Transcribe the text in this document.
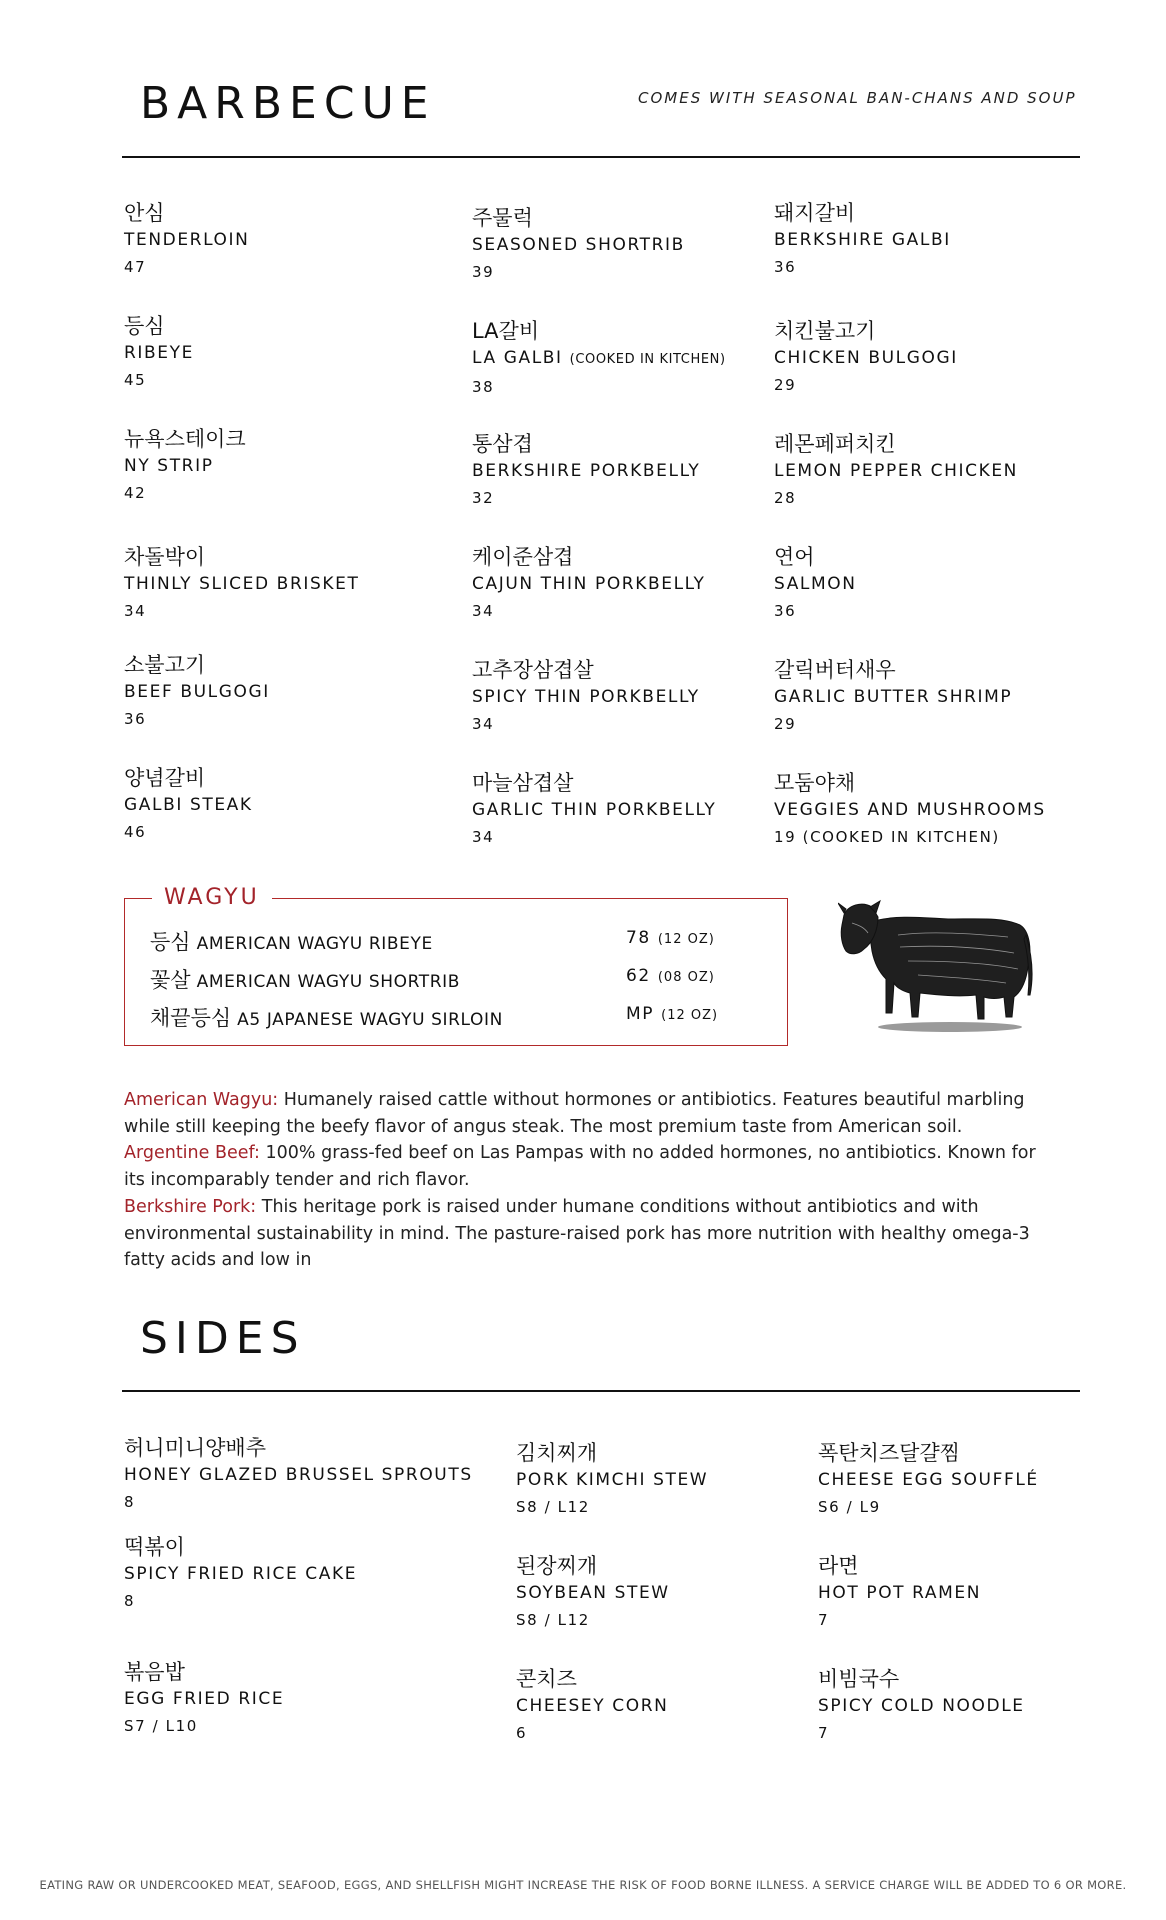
BARBECUE	COMES WITH SEASONAL BAN-CHANS AND SOUP
안심
TENDERLOIN
47
등심
RIBEYE
45
뉴욕스테이크
NY STRIP
42
차돌박이
THINLY SLICED BRISKET
34
소불고기
BEEF BULGOGI
36
양념갈비
GALBI STEAK
46
주물럭
SEASONED SHORTRIB
39
LA갈비
LA GALBI (COOKED IN KITCHEN)
38
통삼겹
BERKSHIRE PORKBELLY
32
케이준삼겹
CAJUN THIN PORKBELLY
34
고추장삼겹살
SPICY THIN PORKBELLY
34
마늘삼겹살
GARLIC THIN PORKBELLY
34
돼지갈비
BERKSHIRE GALBI
36
치킨불고기
CHICKEN BULGOGI
29
레몬페퍼치킨
LEMON PEPPER CHICKEN
28
연어
SALMON
36
갈릭버터새우
GARLIC BUTTER SHRIMP
29
모둠야채
VEGGIES AND MUSHROOMS
19 (COOKED IN KITCHEN)
WAGYU
등심 AMERICAN WAGYU RIBEYE	78 (12 OZ)
꽃살 AMERICAN WAGYU SHORTRIB	62 (08 OZ)
채끝등심 A5 JAPANESE WAGYU SIRLOIN	MP (12 OZ)
American Wagyu: Humanely raised cattle without hormones or antibiotics. Features beautiful marbling while still keeping the beefy flavor of angus steak. The most premium taste from American soil.
Argentine Beef: 100% grass-fed beef on Las Pampas with no added hormones, no antibiotics. Known for its incomparably tender and rich flavor.
Berkshire Pork: This heritage pork is raised under humane conditions without antibiotics and with environmental sustainability in mind. The pasture-raised pork has more nutrition with healthy omega-3 fatty acids and low in
SIDES
허니미니양배추
HONEY GLAZED BRUSSEL SPROUTS
8
떡볶이
SPICY FRIED RICE CAKE
8
볶음밥
EGG FRIED RICE
S7 / L10
김치찌개
PORK KIMCHI STEW
S8 / L12
된장찌개
SOYBEAN STEW
S8 / L12
콘치즈
CHEESEY CORN
6
폭탄치즈달걀찜
CHEESE EGG SOUFFLÉ
S6 / L9
라면
HOT POT RAMEN
7
비빔국수
SPICY COLD NOODLE
7
EATING RAW OR UNDERCOOKED MEAT, SEAFOOD, EGGS, AND SHELLFISH MIGHT INCREASE THE RISK OF FOOD BORNE ILLNESS. A SERVICE CHARGE WILL BE ADDED TO 6 OR MORE.
